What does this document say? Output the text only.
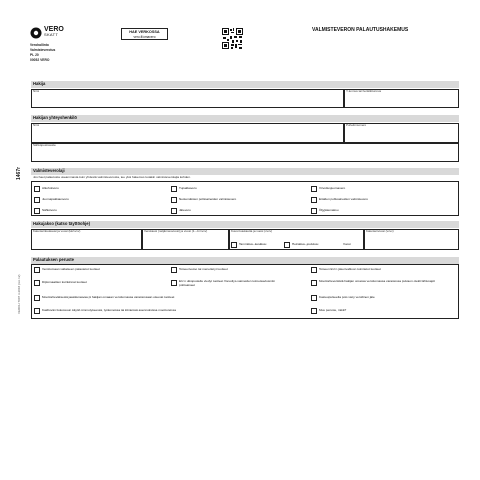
VERO
SKATT	HAE VERKOSSA
vero.fi/omavero
VALMISTEVERON PALAUTUSHAKEMUS
Verohallinto
Valmisteverotus
PL 20
00052 VERO
1467r
VEROH 7007 3.2018 (nro 12)
Hakija
Nimi	Y-tunnus tai henkilötunnus
Hakijan yhteyshenkilö
Nimi	Puhelinnumero
Sähköpostiosoite
Valmisteverolaji
Jos haet palautusta useammasta kuin yhdestä valmisteverosta, tee yksi hakemus kutakin valmisteverolajia kohden.
Alkoholivero
Juomapakkausvero
Sähkövero
Tupakkavero
Nestemäisten polttoaineiden valmistevero
Jätevero
Virvoitusjuomavero
Eräiden polttoaineiden valmistevero
Öljyjätemaksu
Hakujakso (katso täyttöohje)
Kalenterikuukausi ja vuosi (kk/vvvv)	Verokausi (neljännesvuosi) ja vuosi (1.–4./vvvv)	Kuusi kuukautta ja vuosi (vvvv)
Tammikuu–kesäkuu	Heinäkuu–joulukuu	Vuosi
Kalenterivuosi (vvvv)
Palautuksen peruste
Verottomaan valtaiseen palautetut tuotteet
Diplomaattien kuinkinnat tuotteet
Moottoriteväksesiä jaasikuraavaa pi hakijan omaaan verottomassa varastossaan oleevat tuotteet
Kaidtuvän liokossuun käyttö ümmotykeessä, työkoneissa tai kiinteissä asennuksissa moottoreissa
Toiseenvetoo tai menettetyt tuotteet
EU:n ulkopuolelle viedyt tuotteet Vievoltys-vaimeiden toimeisaviusmiin polttoaineet
Toiseen EU:n jäsenvaltioon toimitetut tuotteet
Moottoriteveräisiä hakijan omassa verottomassa varastossa pulvaon olekti lähtuvajöt
Kasteupulseelta pois viety verollinen jäte
Muu peruste, mikä?
